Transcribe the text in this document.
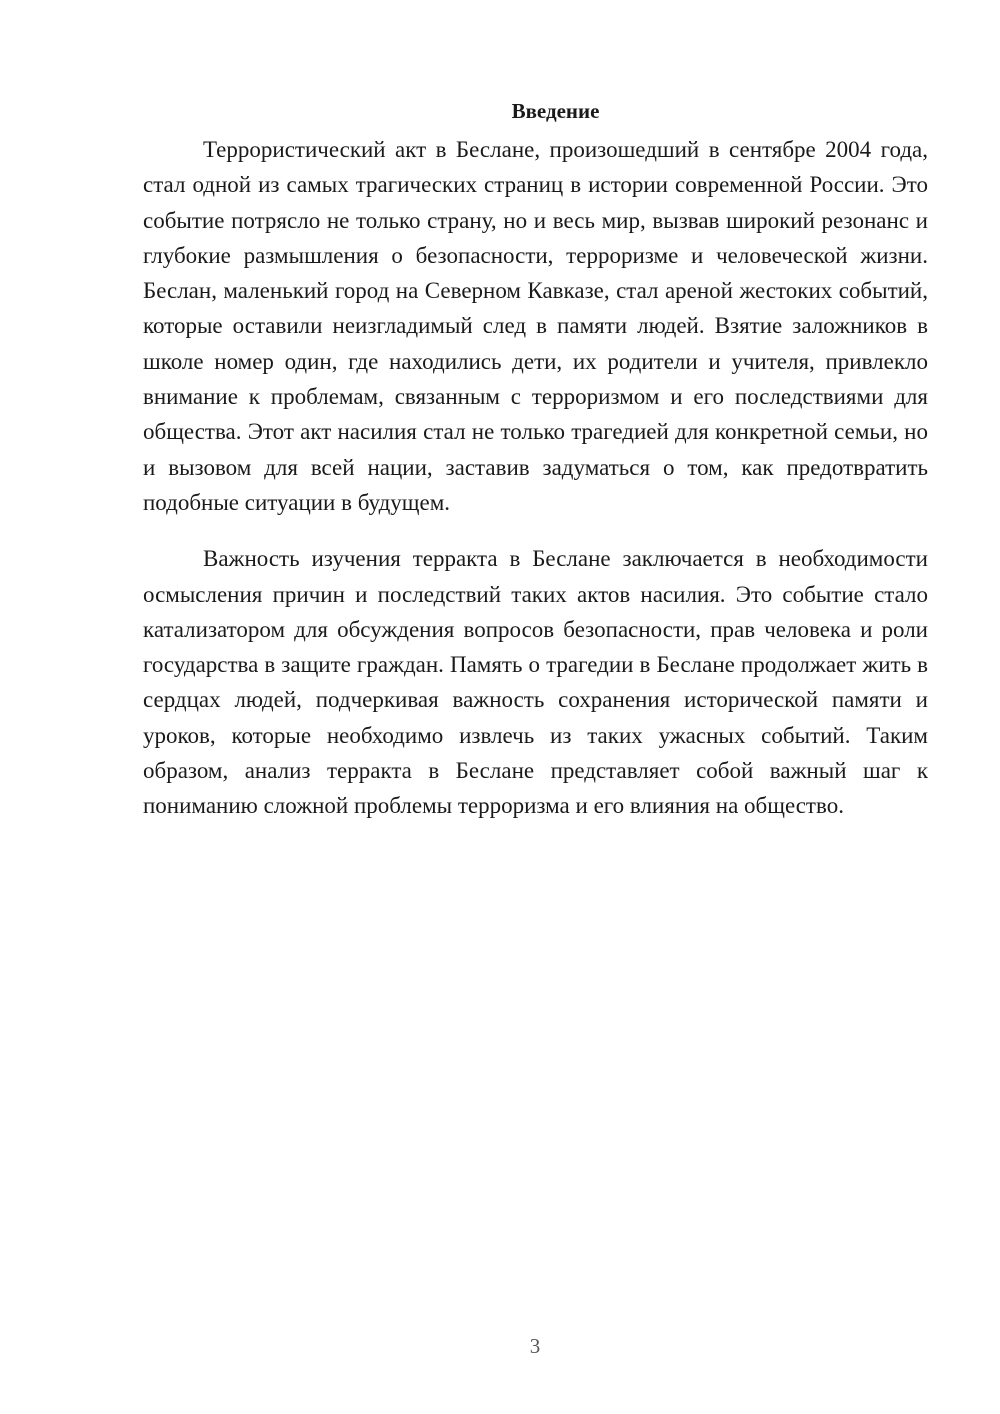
Введение

Террористический акт в Беслане, произошедший в сентябре 2004 года, стал одной из самых трагических страниц в истории современной России. Это событие потрясло не только страну, но и весь мир, вызвав широкий резонанс и глубокие размышления о безопасности, терроризме и человеческой жизни. Беслан, маленький город на Северном Кавказе, стал ареной жестоких событий, которые оставили неизгладимый след в памяти людей. Взятие заложников в школе номер один, где находились дети, их родители и учителя, привлекло внимание к проблемам, связанным с терроризмом и его последствиями для общества. Этот акт насилия стал не только трагедией для конкретной семьи, но и вызовом для всей нации, заставив задуматься о том, как предотвратить подобные ситуации в будущем.

Важность изучения терракта в Беслане заключается в необходимости осмысления причин и последствий таких актов насилия. Это событие стало катализатором для обсуждения вопросов безопасности, прав человека и роли государства в защите граждан. Память о трагедии в Беслане продолжает жить в сердцах людей, подчеркивая важность сохранения исторической памяти и уроков, которые необходимо извлечь из таких ужасных событий. Таким образом, анализ терракта в Беслане представляет собой важный шаг к пониманию сложной проблемы терроризма и его влияния на общество.

3
